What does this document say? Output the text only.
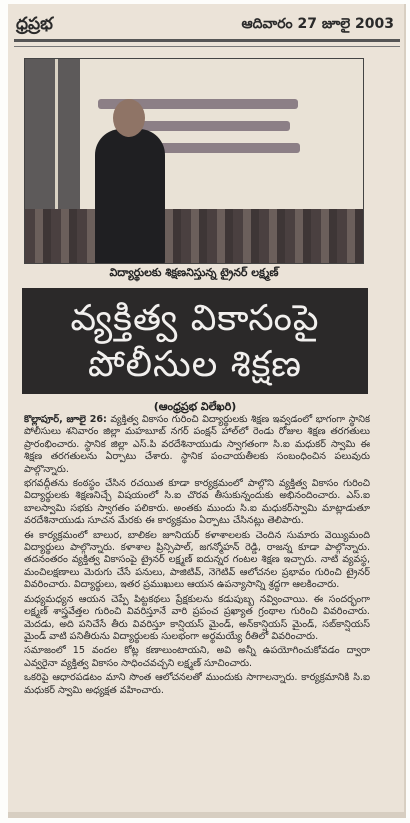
ధ్రప్రభ	ఆదివారం 27 జూలై 2003
విద్యార్థులకు శిక్షణనిస్తున్న ట్రైనర్ లక్ష్మణ్
వ్యక్తిత్వ వికాసంపై
పోలీసుల శిక్షణ
(ఆంధ్రప్రభ విలేఖరి)

కొల్లాపూర్, జూలై 26: వ్యక్తిత్వ వికాసం గురించి విద్యార్థులకు శిక్షణ ఇవ్వడంలో భాగంగా స్థానిక పోలీసులు శనివారం జిల్లా మహబూబ్ నగర్ పంక్షన్ హాల్‌లో రెండు రోజుల శిక్షణ తరగతులు ప్రారంభించారు. స్థానిక జిల్లా ఎస్.పి వరదేశినాయుడు స్వాగతంగా సి.ఐ మధుకర్ స్వామి ఈ శిక్షణ తరగతులను ఏర్పాటు చేశారు. స్థానిక పంచాయతీలకు సంబంధించిన పలువురు పాల్గొన్నారు.

భగవద్గీతను కంఠస్థం చేసిన రచయిత కూడా కార్యక్రమంలో పాల్గొని వ్యక్తిత్వ వికాసం గురించి విద్యార్థులకు శిక్షణనిచ్చే విషయంలో సి.ఐ చొరవ తీసుకున్నందుకు అభినందించారు. ఎస్.ఐ బాలస్వామి సభకు స్వాగతం పలికారు. అంతకు ముందు సి.ఐ మధుకర్‌స్వామి మాట్లాడుతూ వరదేశినాయుడు సూచన మేరకు ఈ కార్యక్రమం ఏర్పాటు చేసినట్లు తెలిపారు.

ఈ కార్యక్రమంలో బాలుర, బాలికల జూనియర్ కళాశాలలకు చెందిన సుమారు వెయ్యిమంది విద్యార్థులు పాల్గొన్నారు. కళాశాల ప్రిన్సిపాల్, జగన్మోహన్ రెడ్డి, రాజన్న కూడా పాల్గొన్నారు. తదనంతరం వ్యక్తిత్వ వికాసంపై ట్రైనర్ లక్ష్మణ్ ఐదున్నర గంటల శిక్షణ ఇచ్చారు. నాటి వ్యవస్థ, మంచిలక్షణాలు మెరుగు చేసే పనులు, పాజిటివ్, నెగెటివ్ ఆలోచనల ప్రభావం గురించి ట్రైనర్ వివరించారు. విద్యార్థులు, ఇతర ప్రముఖులు ఆయన ఉపన్యాసాన్ని శ్రద్ధగా ఆలకించారు.

మధ్యమధ్యన ఆయన చెప్పే పిట్టకథలు ప్రేక్షకులను కడుపుబ్బ నవ్వించాయి. ఈ సందర్భంగా లక్ష్మణ్ శాస్త్రవేత్తల గురించి వివరిస్తూనే వారి ప్రపంచ ప్రఖ్యాత గ్రంథాల గురించి వివరించారు. మెదడు, అది పనిచేసే తీరు వివరిస్తూ కాన్షియస్ మైండ్, అన్‌కాన్షియస్ మైండ్, సబ్‌కాన్షియస్ మైండ్ వాటి పనితీరును విద్యార్థులకు సులభంగా అర్థమయ్యే రీతిలో వివరించారు.

సమాజంలో 15 వందల కోట్ల కణాలుంటాయని, అవి అన్నీ ఉపయోగించుకోవడం ద్వారా ఎవ్వరైనా వ్యక్తిత్వ వికాసం సాధించవచ్చని లక్ష్మణ్ సూచించారు.

ఒకరిపై ఆధారపడటం మాని సొంత ఆలోచనలతో ముందుకు సాగాలన్నారు. కార్యక్రమానికి సి.ఐ మధుకర్ స్వామి అధ్యక్షత వహించారు.
